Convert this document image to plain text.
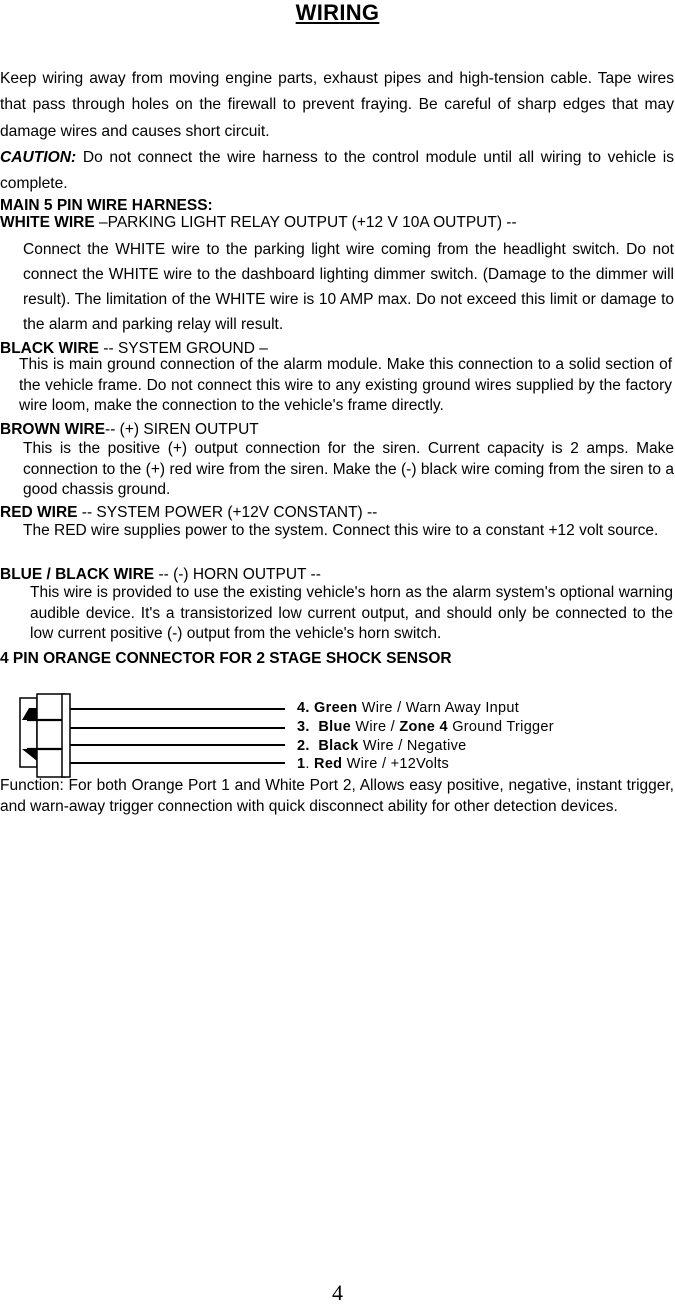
WIRING
Keep wiring away from moving engine parts, exhaust pipes and high-tension cable. Tape wires that pass through holes on the firewall to prevent fraying. Be careful of sharp edges that may damage wires and causes short circuit.
CAUTION: Do not connect the wire harness to the control module until all wiring to vehicle is complete.
MAIN 5 PIN WIRE HARNESS:
WHITE WIRE –PARKING LIGHT RELAY OUTPUT (+12 V 10A OUTPUT) --
Connect the WHITE wire to the parking light wire coming from the headlight switch. Do not connect the WHITE wire to the dashboard lighting dimmer switch. (Damage to the dimmer will result). The limitation of the WHITE wire is 10 AMP max. Do not exceed this limit or damage to the alarm and parking relay will result.
BLACK WIRE -- SYSTEM GROUND –
This is main ground connection of the alarm module. Make this connection to a solid section of the vehicle frame. Do not connect this wire to any existing ground wires supplied by the factory wire loom, make the connection to the vehicle's frame directly.
BROWN WIRE-- (+) SIREN OUTPUT
This is the positive (+) output connection for the siren. Current capacity is 2 amps. Make connection to the (+) red wire from the siren. Make the (-) black wire coming from the siren to a good chassis ground.
RED WIRE -- SYSTEM POWER (+12V CONSTANT) --
The RED wire supplies power to the system. Connect this wire to a constant +12 volt source.
BLUE / BLACK WIRE -- (-) HORN OUTPUT --
This wire is provided to use the existing vehicle's horn as the alarm system's optional warning audible device. It's a transistorized low current output, and should only be connected to the low current positive (-) output from the vehicle's horn switch.
4 PIN ORANGE CONNECTOR FOR 2 STAGE SHOCK SENSOR
4. Green Wire / Warn Away Input
3. Blue Wire / Zone 4 Ground Trigger
2. Black Wire / Negative
1. Red Wire / +12Volts
Function: For both Orange Port 1 and White Port 2, Allows easy positive, negative, instant trigger, and warn-away trigger connection with quick disconnect ability for other detection devices.
4
